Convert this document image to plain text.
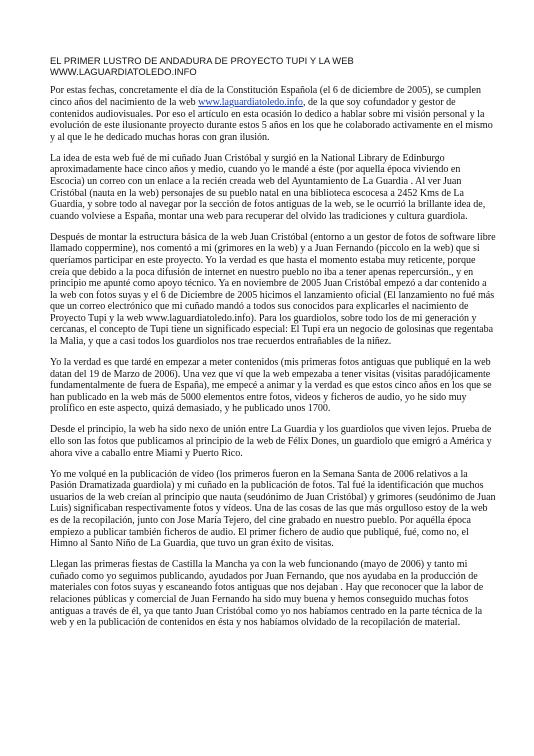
EL PRIMER LUSTRO DE ANDADURA DE PROYECTO TUPI Y LA WEB
WWW.LAGUARDIATOLEDO.INFO

Por estas fechas, concretamente el día de la Constitución Española (el 6 de diciembre de 2005), se cumplen cinco años del nacimiento de la web www.laguardiatoledo.info, de la que soy cofundador y gestor de contenidos audiovisuales. Por eso el artículo en esta ocasión lo dedico a hablar sobre mi visión personal y la evolución de este ilusionante proyecto durante estos 5 años en los que he colaborado activamente en el mismo y al que le he dedicado muchas horas con gran ilusión.

La idea de esta web fué de mi cuñado Juan Cristóbal y surgió en la National Library de Edinburgo aproximadamente hace cinco años y medio, cuando yo le mandé a éste (por aquella época viviendo en Escocia) un correo con un enlace a la recién creada web del Ayuntamiento de La Guardia . Al ver Juan Cristóbal (nauta en la web) personajes de su pueblo natal en una biblioteca escocesa a 2452 Kms de La Guardia, y sobre todo al navegar por la sección de fotos antiguas de la web, se le ocurrió la brillante idea de, cuando volviese a España, montar una web para recuperar del olvido las tradiciones y cultura guardiola.

Después de montar la estructura básica de la web Juan Cristóbal (entorno a un gestor de fotos de software libre llamado coppermine), nos comentó a mi (grimores en la web) y a Juan Fernando (piccolo en la web) que si queríamos participar en este proyecto. Yo la verdad es que hasta el momento estaba muy reticente, porque creía que debido a la poca difusión de internet en nuestro pueblo no iba a tener apenas repercursión., y en principio me apunté como apoyo técnico. Ya en noviembre de 2005 Juan Cristóbal empezó a dar contenido a la web con fotos suyas y el 6 de Diciembre de 2005 hicimos el lanzamiento oficial (El lanzamiento no fué más que un correo electrónico que mi cuñado mandó a todos sus conocidos para explicarles el nacimiento de Proyecto Tupi y la web www.laguardiatoledo.info). Para los guardiolos, sobre todo los de mi generación y cercanas, el concepto de Tupi tiene un significado especial: El Tupi era un negocio de golosinas que regentaba la Malia, y que a casi todos los guardiolos nos trae recuerdos entrañables de la niñez.

Yo la verdad es que tardé en empezar a meter contenidos (mis primeras fotos antiguas que publiqué en la web datan del 19 de Marzo de 2006). Una vez que ví que la web empezaba a tener visitas (visitas paradójicamente fundamentalmente de fuera de España), me empecé a animar y la verdad es que estos cinco años en los que se han publicado en la web más de 5000 elementos entre fotos, videos y ficheros de audio, yo he sido muy prolífico en este aspecto, quizá demasiado, y he publicado unos 1700.

Desde el principio, la web ha sido nexo de unión entre La Guardia y los guardiolos que viven lejos. Prueba de ello son las fotos que publicamos al principio de la web de Félix Dones, un guardiolo que emigró a América y ahora vive a caballo entre Miami y Puerto Rico.

Yo me volqué en la publicación de vídeo (los primeros fueron en la Semana Santa de 2006 relativos a la Pasión Dramatizada guardiola) y mi cuñado en la publicación de fotos. Tal fué la identificación que muchos usuarios de la web creían al principio que nauta (seudónimo de Juan Cristóbal) y grimores (seudónimo de Juan Luis) significaban respectivamente fotos y vídeos. Una de las cosas de las que más orgulloso estoy de la web es de la recopilación, junto con Jose María Tejero, del cine grabado en nuestro pueblo. Por aquélla época empiezo a publicar también ficheros de audio. El primer fichero de audio que publiqué, fué, como no, el Himno al Santo Niño de La Guardia, que tuvo un gran éxito de visitas.

Llegan las primeras fiestas de Castilla la Mancha ya con la web funcionando (mayo de 2006) y tanto mi cuñado como yo seguimos publicando, ayudados por Juan Fernando, que nos ayudaba en la producción de materiales con fotos suyas y escaneando fotos antiguas que nos dejaban . Hay que reconocer que la labor de relaciones públicas y comercial de Juan Fernando ha sido muy buena y hemos conseguido muchas fotos antiguas a través de él, ya que tanto Juan Cristóbal como yo nos habíamos centrado en la parte técnica de la web y en la publicación de contenidos en ésta y nos habíamos olvidado de la recopilación de material.
